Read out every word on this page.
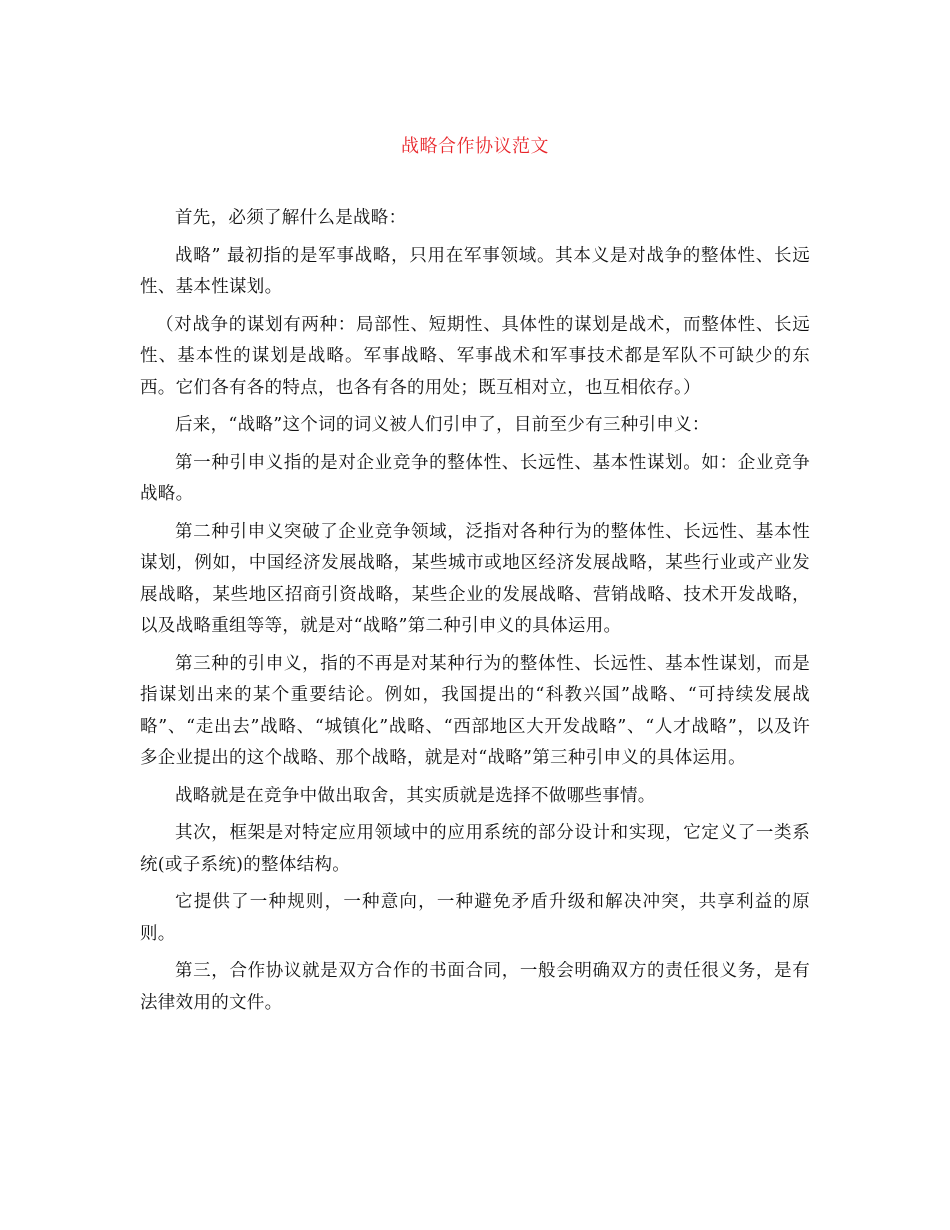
战略合作协议范文

首先，必须了解什么是战略：

战略” 最初指的是军事战略，只用在军事领域。其本义是对战争的整体性、长远性、基本性谋划。

（对战争的谋划有两种：局部性、短期性、具体性的谋划是战术，而整体性、长远性、基本性的谋划是战略。军事战略、军事战术和军事技术都是军队不可缺少的东西。它们各有各的特点，也各有各的用处；既互相对立，也互相依存。）

后来，“战略”这个词的词义被人们引申了，目前至少有三种引申义：

第一种引申义指的是对企业竞争的整体性、长远性、基本性谋划。如：企业竞争战略。

第二种引申义突破了企业竞争领域，泛指对各种行为的整体性、长远性、基本性谋划，例如，中国经济发展战略，某些城市或地区经济发展战略，某些行业或产业发展战略，某些地区招商引资战略，某些企业的发展战略、营销战略、技术开发战略，以及战略重组等等，就是对“战略”第二种引申义的具体运用。

第三种的引申义，指的不再是对某种行为的整体性、长远性、基本性谋划，而是指谋划出来的某个重要结论。例如，我国提出的“科教兴国”战略、“可持续发展战略”、“走出去”战略、“城镇化”战略、“西部地区大开发战略”、“人才战略”，以及许多企业提出的这个战略、那个战略，就是对“战略”第三种引申义的具体运用。

战略就是在竞争中做出取舍，其实质就是选择不做哪些事情。

其次，框架是对特定应用领域中的应用系统的部分设计和实现，它定义了一类系统(或子系统)的整体结构。

它提供了一种规则，一种意向，一种避免矛盾升级和解决冲突，共享利益的原则。

第三，合作协议就是双方合作的书面合同，一般会明确双方的责任很义务，是有法律效用的文件。
